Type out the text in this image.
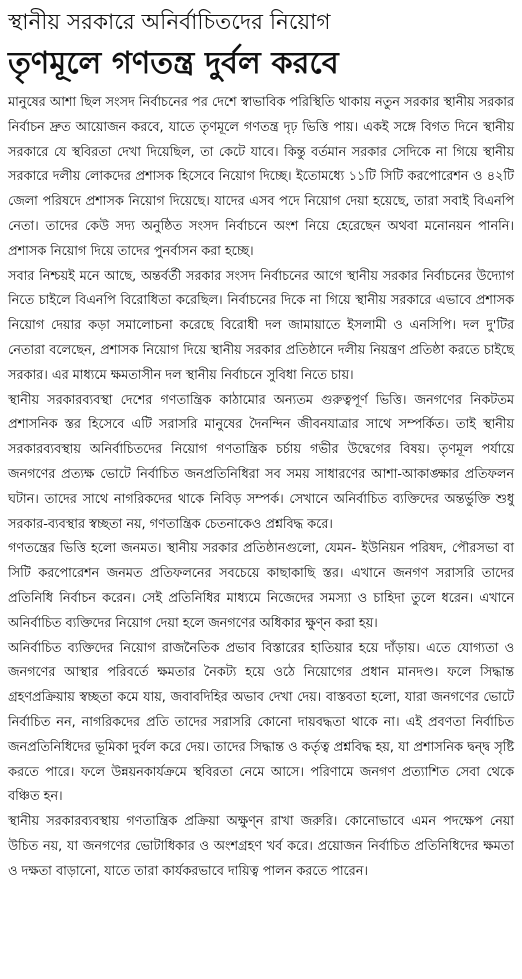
স্থানীয় সরকারে অনির্বাচিতদের নিয়োগ
তৃণমূলে গণতন্ত্র দুর্বল করবে

মানুষের আশা ছিল সংসদ নির্বাচনের পর দেশে স্বাভাবিক পরিস্থিতি থাকায় নতুন সরকার স্থানীয় সরকার নির্বাচন দ্রুত আয়োজন করবে, যাতে তৃণমূলে গণতন্ত্র দৃঢ় ভিত্তি পায়। একই সঙ্গে বিগত দিনে স্থানীয় সরকারে যে স্থবিরতা দেখা দিয়েছিল, তা কেটে যাবে। কিন্তু বর্তমান সরকার সেদিকে না গিয়ে স্থানীয় সরকারে দলীয় লোকদের প্রশাসক হিসেবে নিয়োগ দিচ্ছে। ইতোমধ্যে ১১টি সিটি করপোরেশন ও ৪২টি জেলা পরিষদে প্রশাসক নিয়োগ দিয়েছে। যাদের এসব পদে নিয়োগ দেয়া হয়েছে, তারা সবাই বিএনপি নেতা। তাদের কেউ সদ্য অনুষ্ঠিত সংসদ নির্বাচনে অংশ নিয়ে হেরেছেন অথবা মনোনয়ন পাননি। প্রশাসক নিয়োগ দিয়ে তাদের পুনর্বাসন করা হচ্ছে।

সবার নিশ্চয়ই মনে আছে, অন্তর্বর্তী সরকার সংসদ নির্বাচনের আগে স্থানীয় সরকার নির্বাচনের উদ্যোগ নিতে চাইলে বিএনপি বিরোধিতা করেছিল। নির্বাচনের দিকে না গিয়ে স্থানীয় সরকারে এভাবে প্রশাসক নিয়োগ দেয়ার কড়া সমালোচনা করেছে বিরোধী দল জামায়াতে ইসলামী ও এনসিপি। দল দু'টির নেতারা বলেছেন, প্রশাসক নিয়োগ দিয়ে স্থানীয় সরকার প্রতিষ্ঠানে দলীয় নিয়ন্ত্রণ প্রতিষ্ঠা করতে চাইছে সরকার। এর মাধ্যমে ক্ষমতাসীন দল স্থানীয় নির্বাচনে সুবিধা নিতে চায়।

স্থানীয় সরকারব্যবস্থা দেশের গণতান্ত্রিক কাঠামোর অন্যতম গুরুত্বপূর্ণ ভিত্তি। জনগণের নিকটতম প্রশাসনিক স্তর হিসেবে এটি সরাসরি মানুষের দৈনন্দিন জীবনযাত্রার সাথে সম্পর্কিত। তাই স্থানীয় সরকারব্যবস্থায় অনির্বাচিতদের নিয়োগ গণতান্ত্রিক চর্চায় গভীর উদ্বেগের বিষয়। তৃণমূল পর্যায়ে জনগণের প্রত্যক্ষ ভোটে নির্বাচিত জনপ্রতিনিধিরা সব সময় সাধারণের আশা-আকাঙ্ক্ষার প্রতিফলন ঘটান। তাদের সাথে নাগরিকদের থাকে নিবিড় সম্পর্ক। সেখানে অনির্বাচিত ব্যক্তিদের অন্তর্ভুক্তি শুধু সরকার-ব্যবস্থার স্বচ্ছতা নয়, গণতান্ত্রিক চেতনাকেও প্রশ্নবিদ্ধ করে।

গণতন্ত্রের ভিত্তি হলো জনমত। স্থানীয় সরকার প্রতিষ্ঠানগুলো, যেমন- ইউনিয়ন পরিষদ, পৌরসভা বা সিটি করপোরেশন জনমত প্রতিফলনের সবচেয়ে কাছাকাছি স্তর। এখানে জনগণ সরাসরি তাদের প্রতিনিধি নির্বাচন করেন। সেই প্রতিনিধির মাধ্যমে নিজেদের সমস্যা ও চাহিদা তুলে ধরেন। এখানে অনির্বাচিত ব্যক্তিদের নিয়োগ দেয়া হলে জনগণের অধিকার ক্ষুণ্ন করা হয়।

অনির্বাচিত ব্যক্তিদের নিয়োগ রাজনৈতিক প্রভাব বিস্তারের হাতিয়ার হয়ে দাঁড়ায়। এতে যোগ্যতা ও জনগণের আস্থার পরিবর্তে ক্ষমতার নৈকট্য হয়ে ওঠে নিয়োগের প্রধান মানদণ্ড। ফলে সিদ্ধান্ত গ্রহণপ্রক্রিয়ায় স্বচ্ছতা কমে যায়, জবাবদিহির অভাব দেখা দেয়। বাস্তবতা হলো, যারা জনগণের ভোটে নির্বাচিত নন, নাগরিকদের প্রতি তাদের সরাসরি কোনো দায়বদ্ধতা থাকে না। এই প্রবণতা নির্বাচিত জনপ্রতিনিধিদের ভূমিকা দুর্বল করে দেয়। তাদের সিদ্ধান্ত ও কর্তৃত্ব প্রশ্নবিদ্ধ হয়, যা প্রশাসনিক দ্বন্দ্ব সৃষ্টি করতে পারে। ফলে উন্নয়নকার্যক্রমে স্থবিরতা নেমে আসে। পরিণামে জনগণ প্রত্যাশিত সেবা থেকে বঞ্চিত হন।

স্থানীয় সরকারব্যবস্থায় গণতান্ত্রিক প্রক্রিয়া অক্ষুণ্ন রাখা জরুরি। কোনোভাবে এমন পদক্ষেপ নেয়া উচিত নয়, যা জনগণের ভোটাধিকার ও অংশগ্রহণ খর্ব করে। প্রয়োজন নির্বাচিত প্রতিনিধিদের ক্ষমতা ও দক্ষতা বাড়ানো, যাতে তারা কার্যকরভাবে দায়িত্ব পালন করতে পারেন।
